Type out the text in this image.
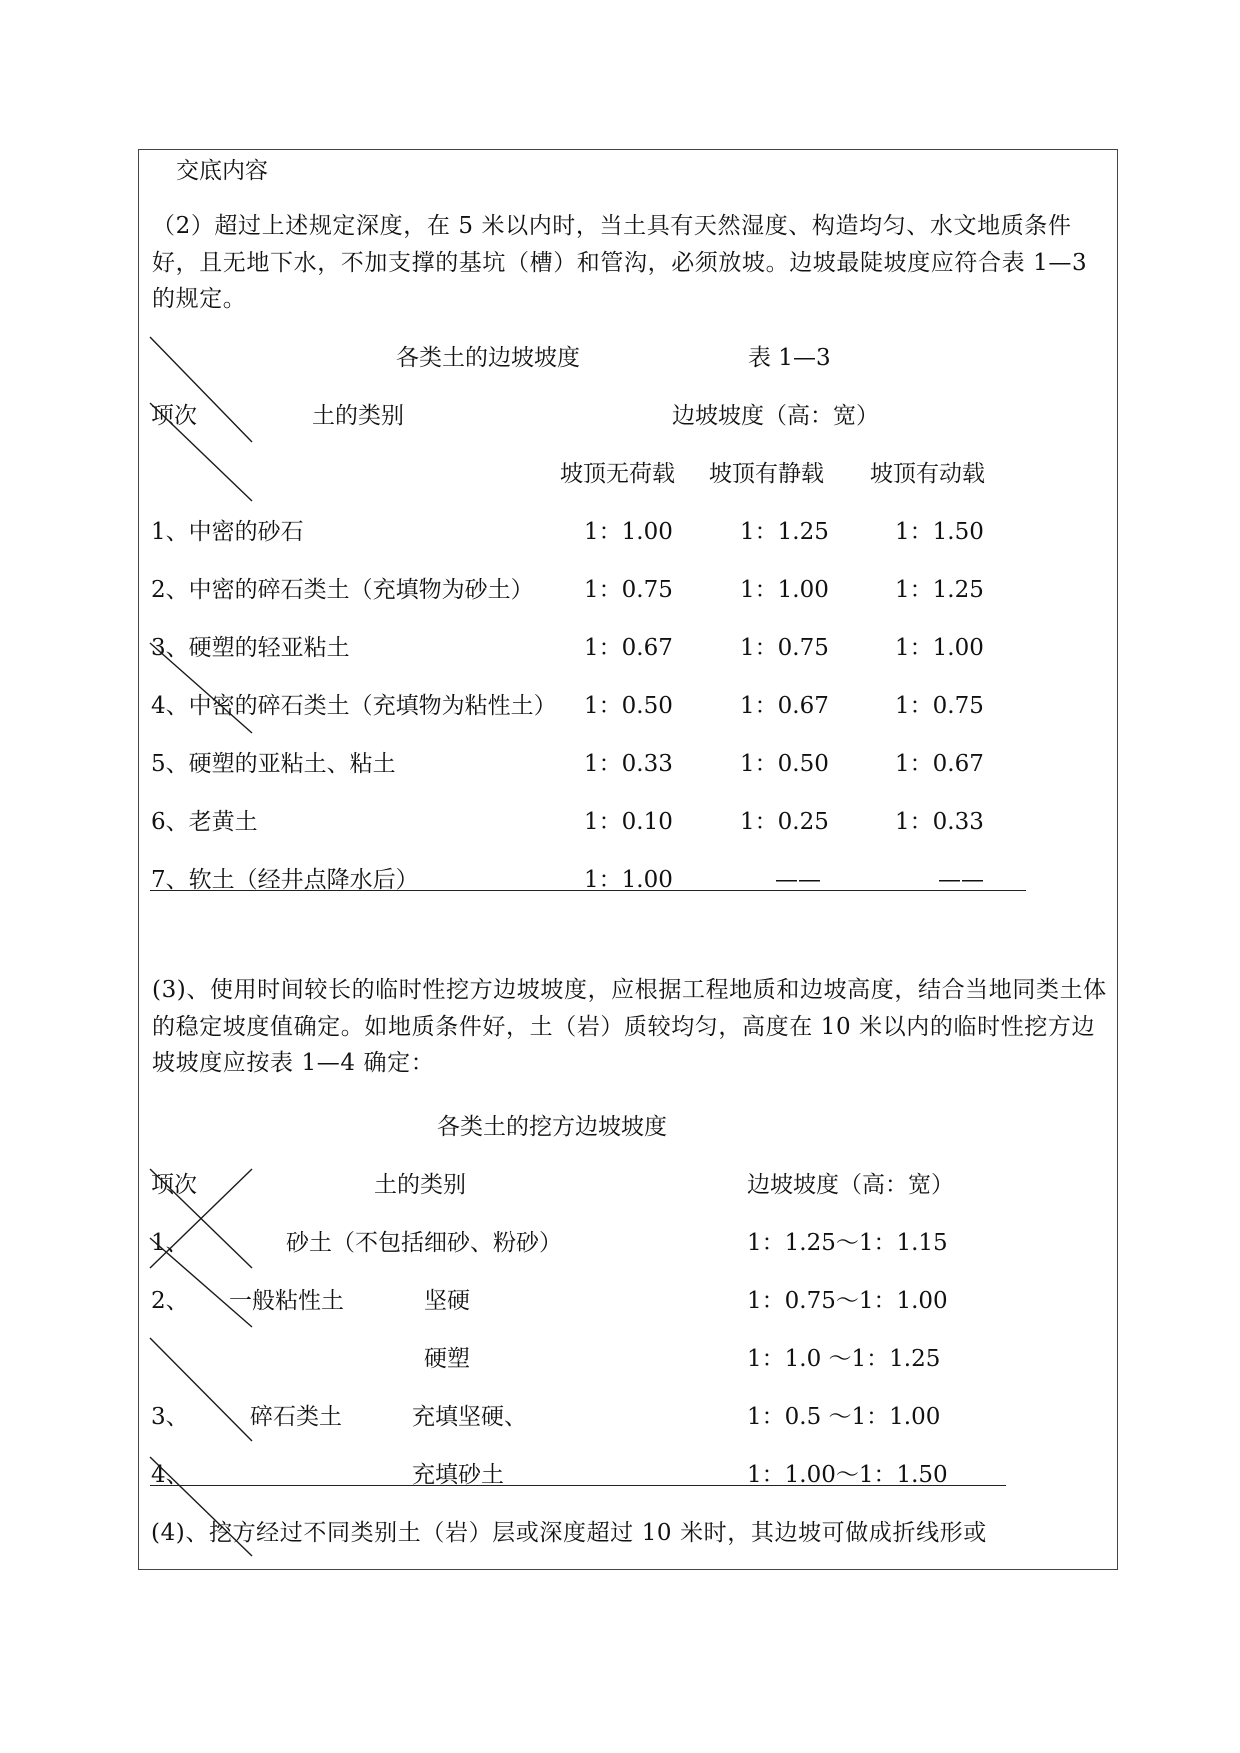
交底内容
（2）超过上述规定深度，在 5 米以内时，当土具有天然湿度、构造均匀、水文地质条件好，且无地下水，不加支撑的基坑（槽）和管沟，必须放坡。边坡最陡坡度应符合表 1—3 的规定。
各类土的边坡坡度	表 1—3
项次	土的类别	边坡坡度（高：宽）
坡顶无荷载 坡顶有静载 坡顶有动载
1、中密的砂石	1：1.00	1：1.25	1：1.50
2、中密的碎石类土（充填物为砂土） 1：0.75	1：1.00	1：1.25
3、硬塑的轻亚粘土	1：0.67	1：0.75	1：1.00
4、中密的碎石类土（充填物为粘性土） 1：0.50	1：0.67	1：0.75
5、硬塑的亚粘土、粘土	1：0.33	1：0.50	1：0.67
6、老黄土	1：0.10	1：0.25	1：0.33
7、软土（经井点降水后）	1：1.00	——	——
(3)、使用时间较长的临时性挖方边坡坡度，应根据工程地质和边坡高度，结合当地同类土体的稳定坡度值确定。如地质条件好，土（岩）质较均匀，高度在 10 米以内的临时性挖方边坡坡度应按表 1—4 确定：
各类土的挖方边坡坡度
项次	土的类别	边坡坡度（高：宽）
1、	砂土（不包括细砂、粉砂）	1：1.25～1：1.15
2、 一般粘性土	坚硬	1：0.75～1：1.00
硬塑	1：1.0 ～1：1.25
3、	碎石类土	充填坚硬、	1：0.5 ～1：1.00
4、	充填砂土	1：1.00～1：1.50
(4)、挖方经过不同类别土（岩）层或深度超过 10 米时，其边坡可做成折线形或
